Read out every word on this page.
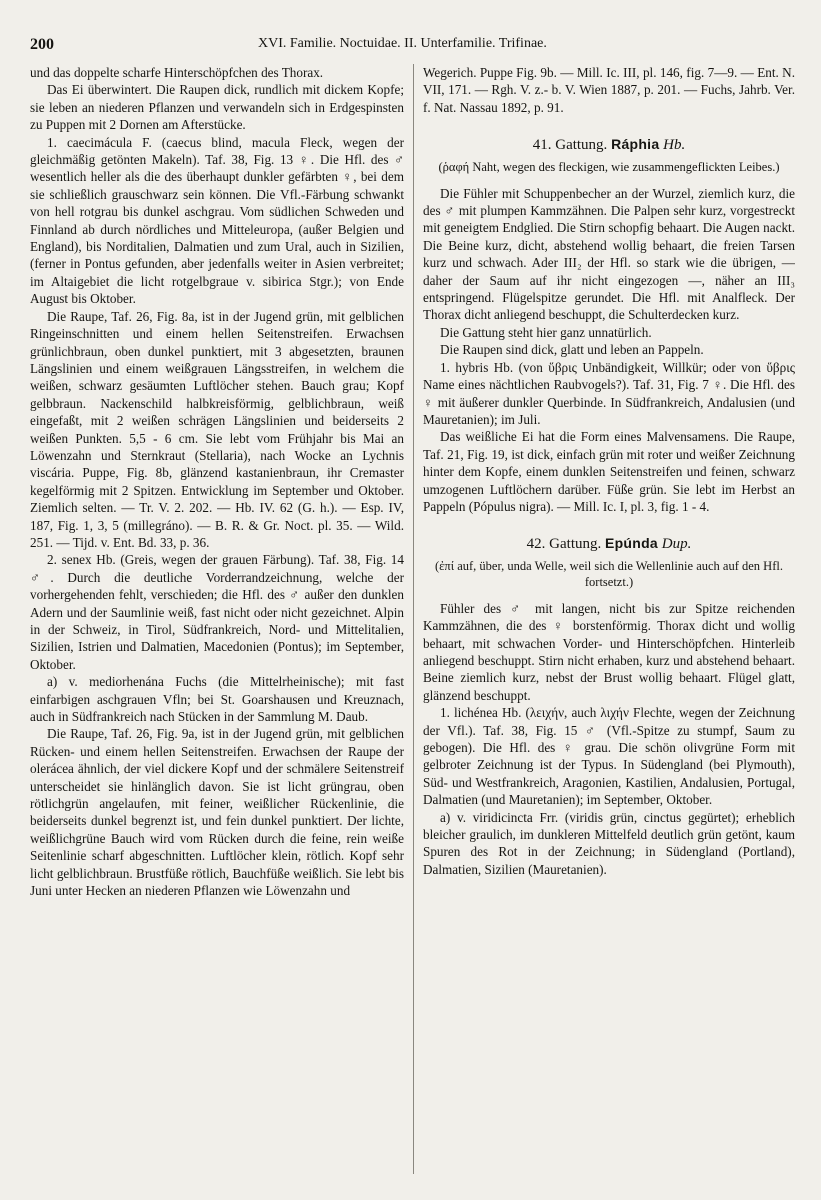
200	XVI. Familie. Noctuidae. II. Unterfamilie. Trifinae.

und das doppelte scharfe Hinterschöpfchen des Thorax.

Das Ei überwintert. Die Raupen dick, rundlich mit dickem Kopfe; sie leben an niederen Pflanzen und verwandeln sich in Erdgespinsten zu Puppen mit 2 Dornen am Afterstücke.

1. caecimácula F. (caecus blind, macula Fleck, wegen der gleichmäßig getönten Makeln). Taf. 38, Fig. 13 ♀. Die Hfl. des ♂ wesentlich heller als die des überhaupt dunkler gefärbten ♀, bei dem sie schließlich grauschwarz sein können. Die Vfl.-Färbung schwankt von hell rotgrau bis dunkel aschgrau. Vom südlichen Schweden und Finnland ab durch nördliches und Mitteleuropa, (außer Belgien und England), bis Norditalien, Dalmatien und zum Ural, auch in Sizilien, (ferner in Pontus gefunden, aber jedenfalls weiter in Asien verbreitet; im Altaigebiet die licht rotgelbgraue v. sibirica Stgr.); von Ende August bis Oktober.

Die Raupe, Taf. 26, Fig. 8a, ist in der Jugend grün, mit gelblichen Ringeinschnitten und einem hellen Seitenstreifen. Erwachsen grünlichbraun, oben dunkel punktiert, mit 3 abgesetzten, braunen Längslinien und einem weißgrauen Längsstreifen, in welchem die weißen, schwarz gesäumten Luftlöcher stehen. Bauch grau; Kopf gelbbraun. Nackenschild halbkreisförmig, gelblichbraun, weiß eingefaßt, mit 2 weißen schrägen Längslinien und beiderseits 2 weißen Punkten. 5,5 - 6 cm. Sie lebt vom Frühjahr bis Mai an Löwenzahn und Sternkraut (Stellaria), nach Wocke an Lychnis viscária. Puppe, Fig. 8b, glänzend kastanienbraun, ihr Cremaster kegelförmig mit 2 Spitzen. Entwicklung im September und Oktober. Ziemlich selten. — Tr. V. 2. 202. — Hb. IV. 62 (G. h.). — Esp. IV, 187, Fig. 1, 3, 5 (millegráno). — B. R. & Gr. Noct. pl. 35. — Wild. 251. — Tijd. v. Ent. Bd. 33, p. 36.

2. senex Hb. (Greis, wegen der grauen Färbung). Taf. 38, Fig. 14 ♂. Durch die deutliche Vorderrandzeichnung, welche der vorhergehenden fehlt, verschieden; die Hfl. des ♂ außer den dunklen Adern und der Saumlinie weiß, fast nicht oder nicht gezeichnet. Alpin in der Schweiz, in Tirol, Südfrankreich, Nord- und Mittelitalien, Sizilien, Istrien und Dalmatien, Macedonien (Pontus); im September, Oktober.

a) v. mediorhenána Fuchs (die Mittelrheinische); mit fast einfarbigen aschgrauen Vfln; bei St. Goarshausen und Kreuznach, auch in Südfrankreich nach Stücken in der Sammlung M. Daub.

Die Raupe, Taf. 26, Fig. 9a, ist in der Jugend grün, mit gelblichen Rücken- und einem hellen Seitenstreifen. Erwachsen der Raupe der oleráceа ähnlich, der viel dickere Kopf und der schmälere Seitenstreif unterscheidet sie hinlänglich davon. Sie ist licht grüngrau, oben rötlichgrün angelaufen, mit feiner, weißlicher Rückenlinie, die beiderseits dunkel begrenzt ist, und fein dunkel punktiert. Der lichte, weißlichgrüne Bauch wird vom Rücken durch die feine, rein weiße Seitenlinie scharf abgeschnitten. Luftlöcher klein, rötlich. Kopf sehr licht gelblichbraun. Brustfüße rötlich, Bauchfüße weißlich. Sie lebt bis Juni unter Hecken an niederen Pflanzen wie Löwenzahn und

Wegerich. Puppe Fig. 9b. — Mill. Ic. III, pl. 146, fig. 7—9. — Ent. N. VII, 171. — Rgh. V. z.- b. V. Wien 1887, p. 201. — Fuchs, Jahrb. Ver. f. Nat. Nassau 1892, p. 91.

41. Gattung. Ráphia Hb.
(ῥαφή Naht, wegen des fleckigen, wie zusammengeflickten Leibes.)

Die Fühler mit Schuppenbecher an der Wurzel, ziemlich kurz, die des ♂ mit plumpen Kammzähnen. Die Palpen sehr kurz, vorgestreckt mit geneigtem Endglied. Die Stirn schopfig behaart. Die Augen nackt. Die Beine kurz, dicht, abstehend wollig behaart, die freien Tarsen kurz und schwach. Ader III₂ der Hfl. so stark wie die übrigen, — daher der Saum auf ihr nicht eingezogen —, näher an III₃ entspringend. Flügelspitze gerundet. Die Hfl. mit Analfleck. Der Thorax dicht anliegend beschuppt, die Schulterdecken kurz.

Die Gattung steht hier ganz unnatürlich.

Die Raupen sind dick, glatt und leben an Pappeln.

1. hybris Hb. (von ὕβρις Unbändigkeit, Willkür; oder von ὕβρις Name eines nächtlichen Raubvogels?). Taf. 31, Fig. 7 ♀. Die Hfl. des ♀ mit äußerer dunkler Querbinde. In Südfrankreich, Andalusien (und Mauretanien); im Juli.

Das weißliche Ei hat die Form eines Malvensamens. Die Raupe, Taf. 21, Fig. 19, ist dick, einfach grün mit roter und weißer Zeichnung hinter dem Kopfe, einem dunklen Seitenstreifen und feinen, schwarz umzogenen Luftlöchern darüber. Füße grün. Sie lebt im Herbst an Pappeln (Pópulus nigra). — Mill. Ic. I, pl. 3, fig. 1 - 4.

42. Gattung. Epúnda Dup.
(ἐπί auf, über, unda Welle, weil sich die Wellenlinie auch auf den Hfl. fortsetzt.)

Fühler des ♂ mit langen, nicht bis zur Spitze reichenden Kammzähnen, die des ♀ borstenförmig. Thorax dicht und wollig behaart, mit schwachen Vorder- und Hinterschöpfchen. Hinterleib anliegend beschuppt. Stirn nicht erhaben, kurz und abstehend behaart. Beine ziemlich kurz, nebst der Brust wollig behaart. Flügel glatt, glänzend beschuppt.

1. lichénea Hb. (λειχήν, auch λιχήν Flechte, wegen der Zeichnung der Vfl.). Taf. 38, Fig. 15 ♂ (Vfl.-Spitze zu stumpf, Saum zu gebogen). Die Hfl. des ♀ grau. Die schön olivgrüne Form mit gelbroter Zeichnung ist der Typus. In Südengland (bei Plymouth), Süd- und Westfrankreich, Aragonien, Kastilien, Andalusien, Portugal, Dalmatien (und Mauretanien); im September, Oktober.

a) v. viridicincta Frr. (viridis grün, cinctus gegürtet); erheblich bleicher graulich, im dunkleren Mittelfeld deutlich grün getönt, kaum Spuren des Rot in der Zeichnung; in Südengland (Portland), Dalmatien, Sizilien (Mauretanien).
